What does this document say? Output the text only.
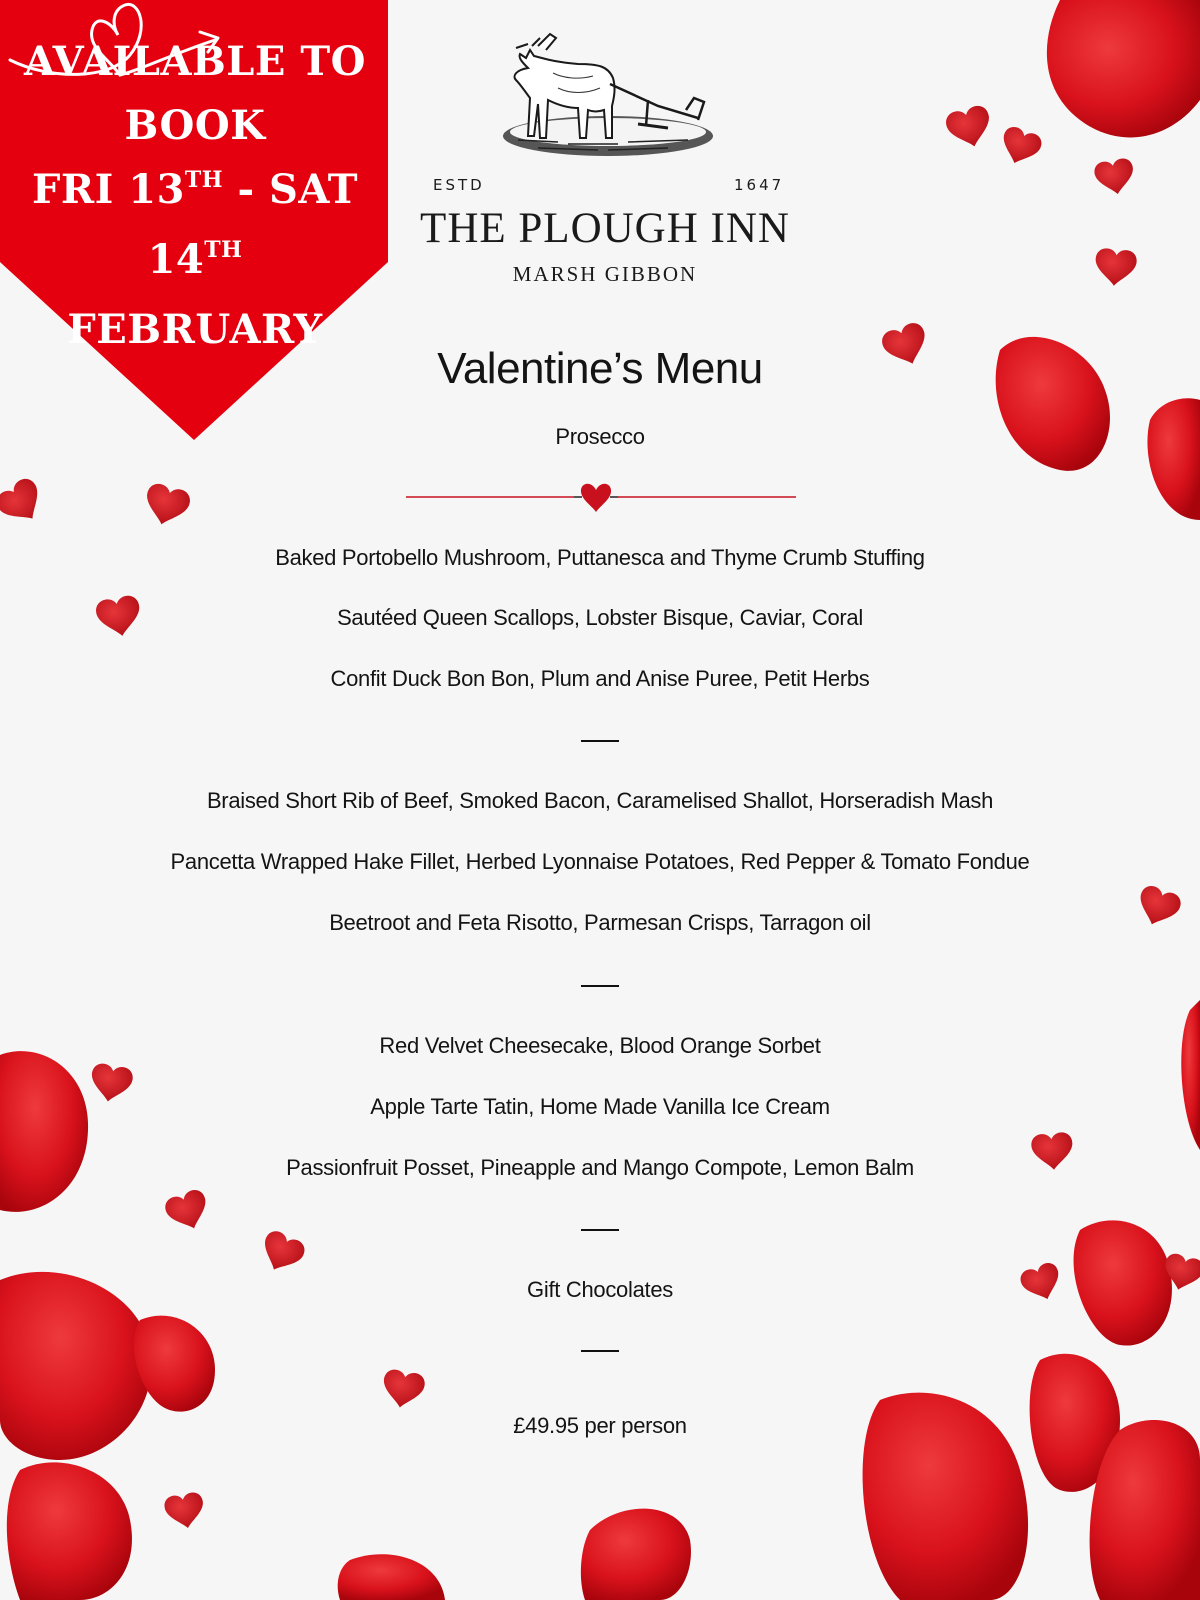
AVAILABLE TO
BOOK
FRI 13TH - SAT 14TH
FEBRUARY
ESTD	1647
THE PLOUGH INN
MARSH GIBBON
Valentine’s Menu
Prosecco
Baked Portobello Mushroom, Puttanesca and Thyme Crumb Stuffing
Sautéed Queen Scallops, Lobster Bisque, Caviar, Coral
Confit Duck Bon Bon, Plum and Anise Puree, Petit Herbs
Braised Short Rib of Beef, Smoked Bacon, Caramelised Shallot, Horseradish Mash
Pancetta Wrapped Hake Fillet, Herbed Lyonnaise Potatoes, Red Pepper & Tomato Fondue
Beetroot and Feta Risotto, Parmesan Crisps, Tarragon oil
Red Velvet Cheesecake, Blood Orange Sorbet
Apple Tarte Tatin, Home Made Vanilla Ice Cream
Passionfruit Posset, Pineapple and Mango Compote, Lemon Balm
Gift Chocolates
£49.95 per person
